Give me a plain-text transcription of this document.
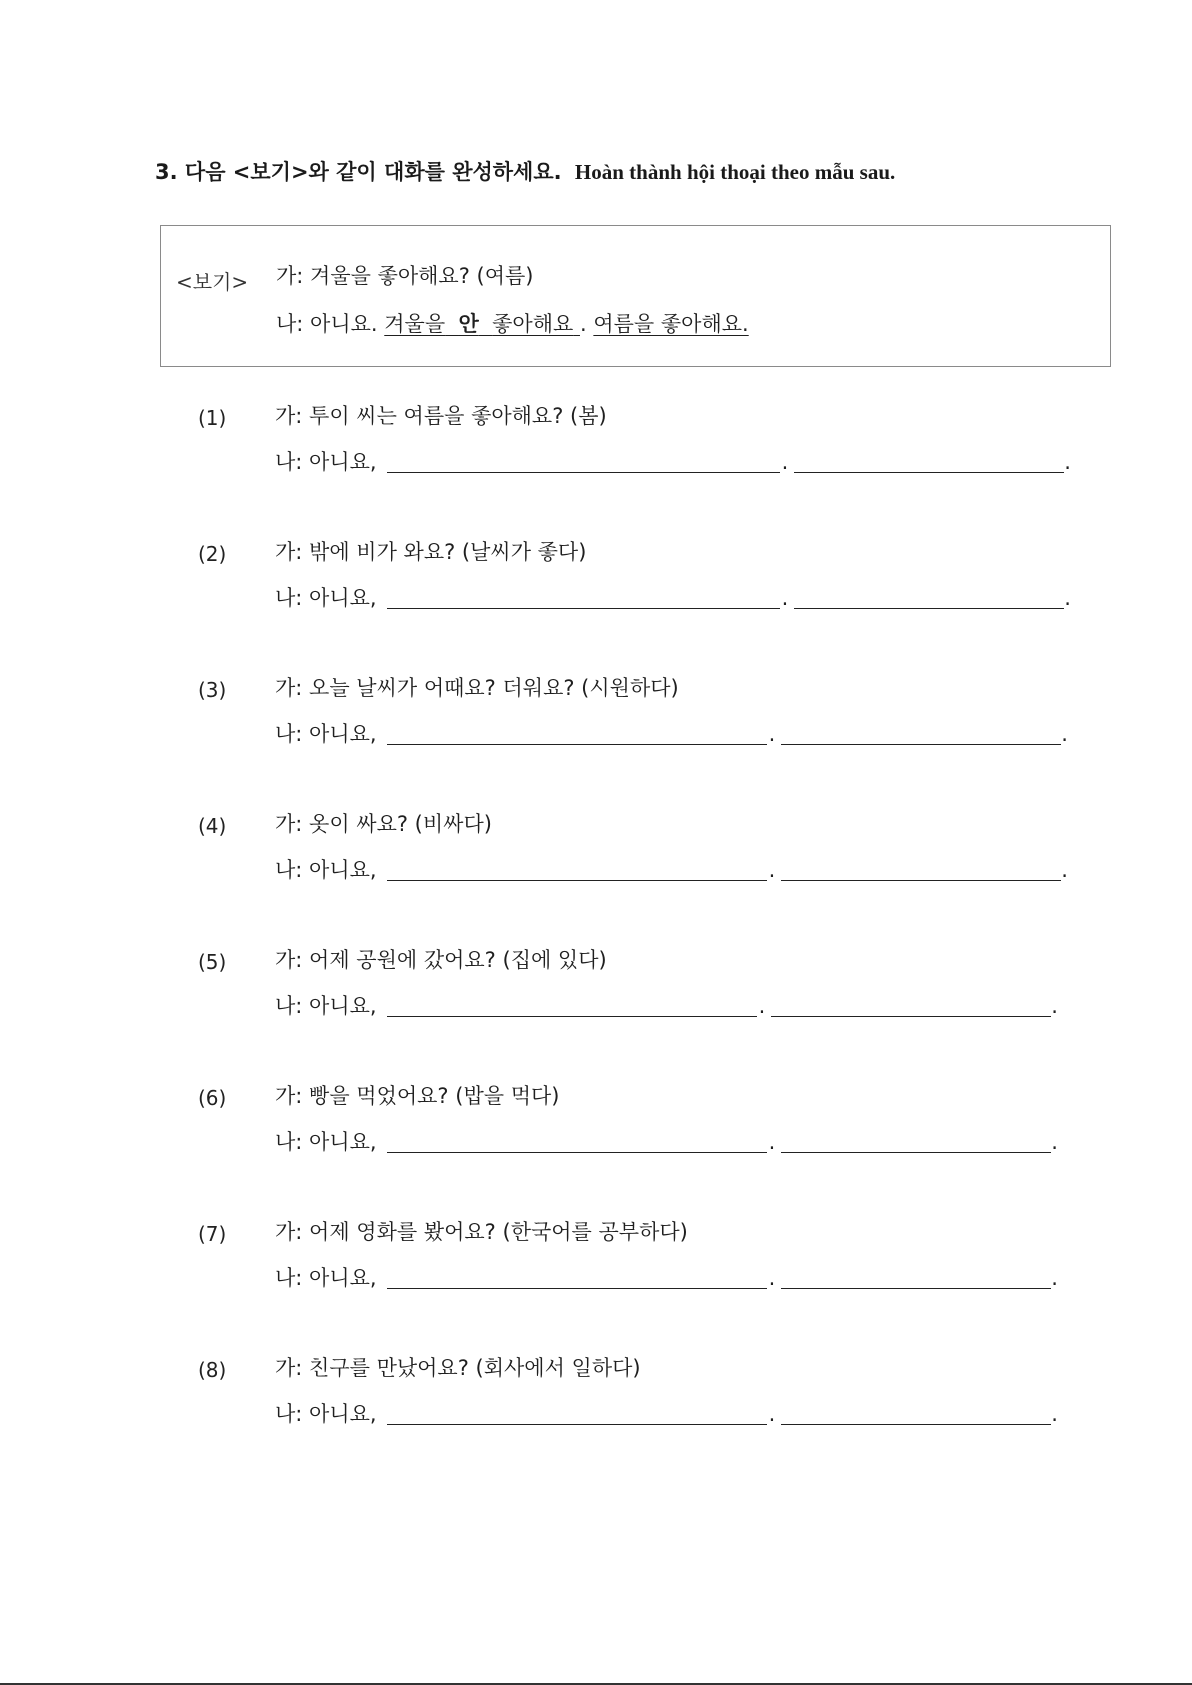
3. 다음 <보기>와 같이 대화를 완성하세요. Hoàn thành hội thoại theo mẫu sau.
<보기> 가: 겨울을 좋아해요? (여름)
나: 아니요. 겨울을 안 좋아해요 . 여름을 좋아해요.
(1) 가: 투이 씨는 여름을 좋아해요? (봄)
나: 아니요,	.	.
(2) 가: 밖에 비가 와요? (날씨가 좋다)
나: 아니요,	.	.
(3) 가: 오늘 날씨가 어때요? 더워요? (시원하다)
나: 아니요,	.	.
(4) 가: 옷이 싸요? (비싸다)
나: 아니요,	.	.
(5) 가: 어제 공원에 갔어요? (집에 있다)
나: 아니요,	.	.
(6) 가: 빵을 먹었어요? (밥을 먹다)
나: 아니요,	.	.
(7) 가: 어제 영화를 봤어요? (한국어를 공부하다)
나: 아니요,	.	.
(8) 가: 친구를 만났어요? (회사에서 일하다)
나: 아니요,	.	.
